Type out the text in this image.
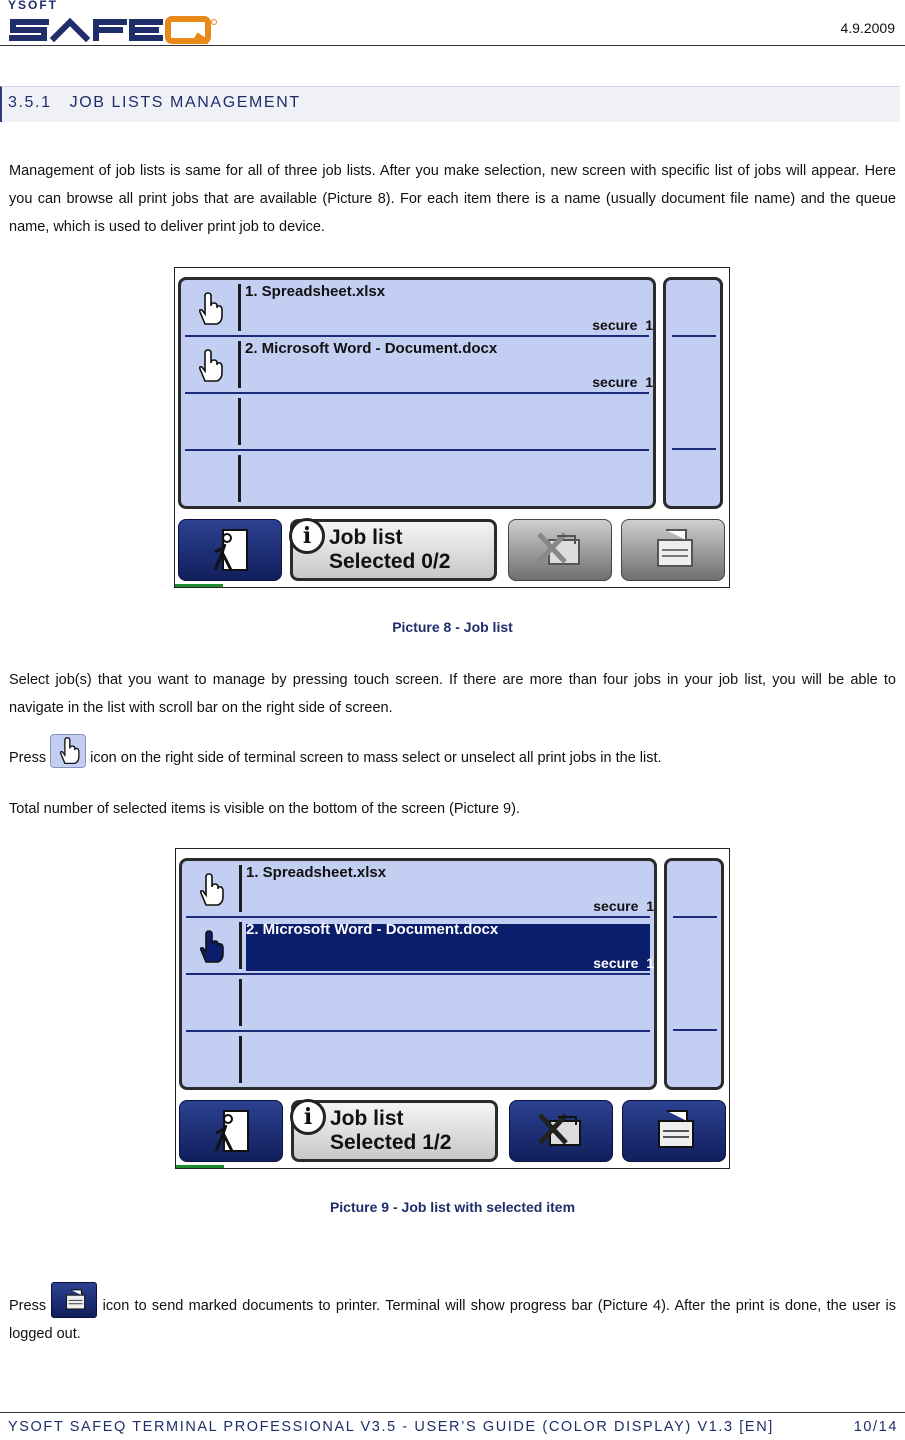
YSOFT
4.9.2009
3.5.1 JOB LISTS MANAGEMENT
Management of job lists is same for all of three job lists. After you make selection, new screen with specific list of jobs will appear. Here you can browse all print jobs that are available (Picture 8). For each item there is a name (usually document file name) and the queue name, which is used to deliver print job to device.
1. Spreadsheet.xlsx
secure 1
2. Microsoft Word - Document.docx
secure 1
i Job list
Selected 0/2
Picture 8 - Job list
Select job(s) that you want to manage by pressing touch screen. If there are more than four jobs in your job list, you will be able to navigate in the list with scroll bar on the right side of screen.
Press	icon on the right side of terminal screen to mass select or unselect all print jobs in the list.
Total number of selected items is visible on the bottom of the screen (Picture 9).
1. Spreadsheet.xlsx
secure 1
2. Microsoft Word - Document.docx
secure 1
i Job list
Selected 1/2
Picture 9 - Job list with selected item
Press	icon to send marked documents to printer. Terminal will show progress bar (Picture 4). After the print is done, the user is logged out.
YSOFT SAFEQ TERMINAL PROFESSIONAL V3.5 - USER’S GUIDE (COLOR DISPLAY) V1.3 [EN]	10/14
